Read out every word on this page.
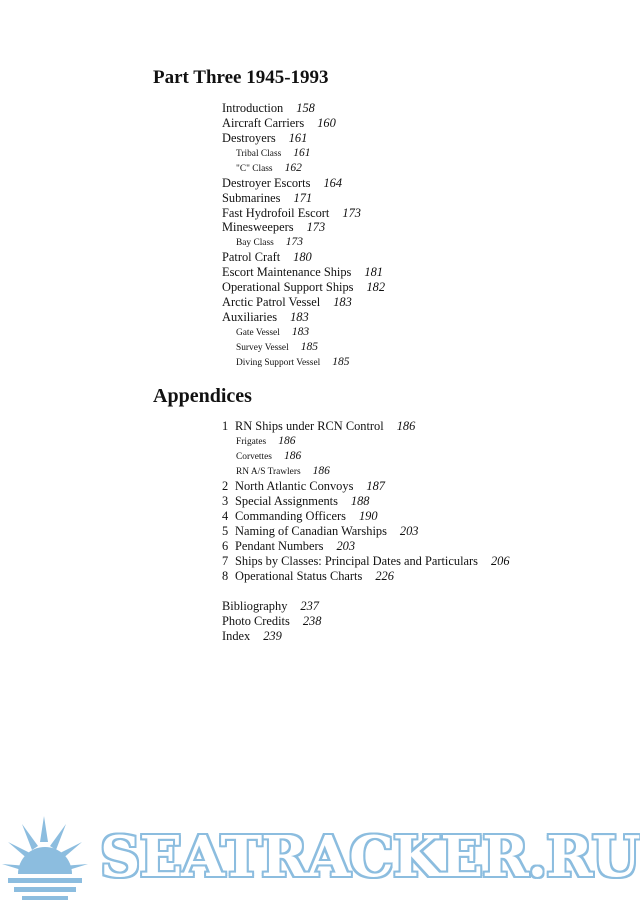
Part Three 1945-1993
Introduction 158
Aircraft Carriers 160
Destroyers 161
Tribal Class 161
"C" Class 162
Destroyer Escorts 164
Submarines 171
Fast Hydrofoil Escort 173
Minesweepers 173
Bay Class 173
Patrol Craft 180
Escort Maintenance Ships 181
Operational Support Ships 182
Arctic Patrol Vessel 183
Auxiliaries 183
Gate Vessel 183
Survey Vessel 185
Diving Support Vessel 185
Appendices
1 RN Ships under RCN Control 186
Frigates 186
Corvettes 186
RN A/S Trawlers 186
2 North Atlantic Convoys 187
3 Special Assignments 188
4 Commanding Officers 190
5 Naming of Canadian Warships 203
6 Pendant Numbers 203
7 Ships by Classes: Principal Dates and Particulars 206
8 Operational Status Charts 226
Bibliography 237
Photo Credits 238
Index 239
SEATRACKER.RU
